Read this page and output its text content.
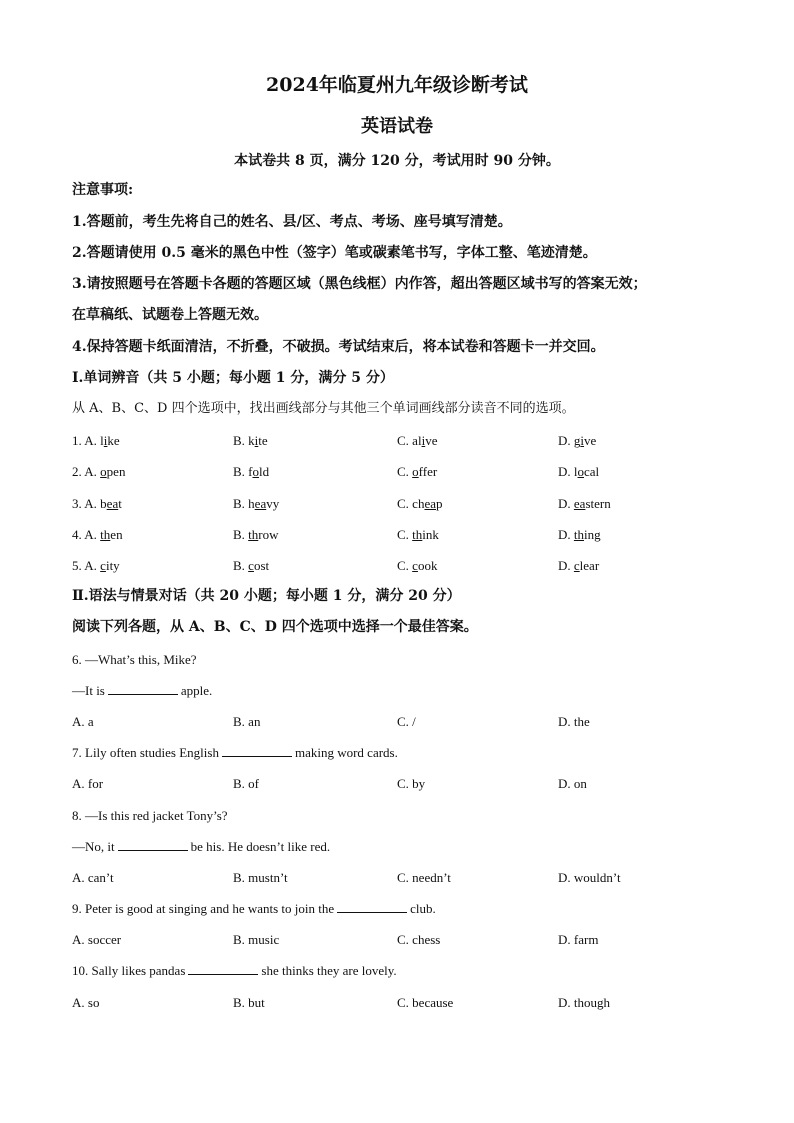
2024年临夏州九年级诊断考试
英语试卷
本试卷共 8 页，满分 120 分，考试用时 90 分钟。
注意事项:
1.答题前，考生先将自己的姓名、县/区、考点、考场、座号填写清楚。
2.答题请使用 0.5 毫米的黑色中性（签字）笔或碳素笔书写，字体工整、笔迹清楚。
3.请按照题号在答题卡各题的答题区域（黑色线框）内作答，超出答题区域书写的答案无效；
在草稿纸、试题卷上答题无效。
4.保持答题卡纸面清洁，不折叠，不破损。考试结束后，将本试卷和答题卡一并交回。
Ⅰ.单词辨音（共 5 小题；每小题 1 分，满分 5 分）
从 A、B、C、D 四个选项中，找出画线部分与其他三个单词画线部分读音不同的选项。
1. A. like	B. kite	C. alive	D. give
2. A. open	B. fold	C. offer	D. local
3. A. beat	B. heavy	C. cheap	D. eastern
4. A. then	B. throw	C. think	D. thing
5. A. city	B. cost	C. cook	D. clear
Ⅱ.语法与情景对话（共 20 小题；每小题 1 分，满分 20 分）
阅读下列各题，从 A、B、C、D 四个选项中选择一个最佳答案。
6. —What’s this, Mike?
—It is	apple.
A. a	B. an	C. /	D. the
7. Lily often studies English	making word cards.
A. for	B. of	C. by	D. on
8. —Is this red jacket Tony’s?
—No, it	be his. He doesn’t like red.
A. can’t	B. mustn’t	C. needn’t	D. wouldn’t
9. Peter is good at singing and he wants to join the	club.
A. soccer	B. music	C. chess	D. farm
10. Sally likes pandas	she thinks they are lovely.
A. so	B. but	C. because	D. though
